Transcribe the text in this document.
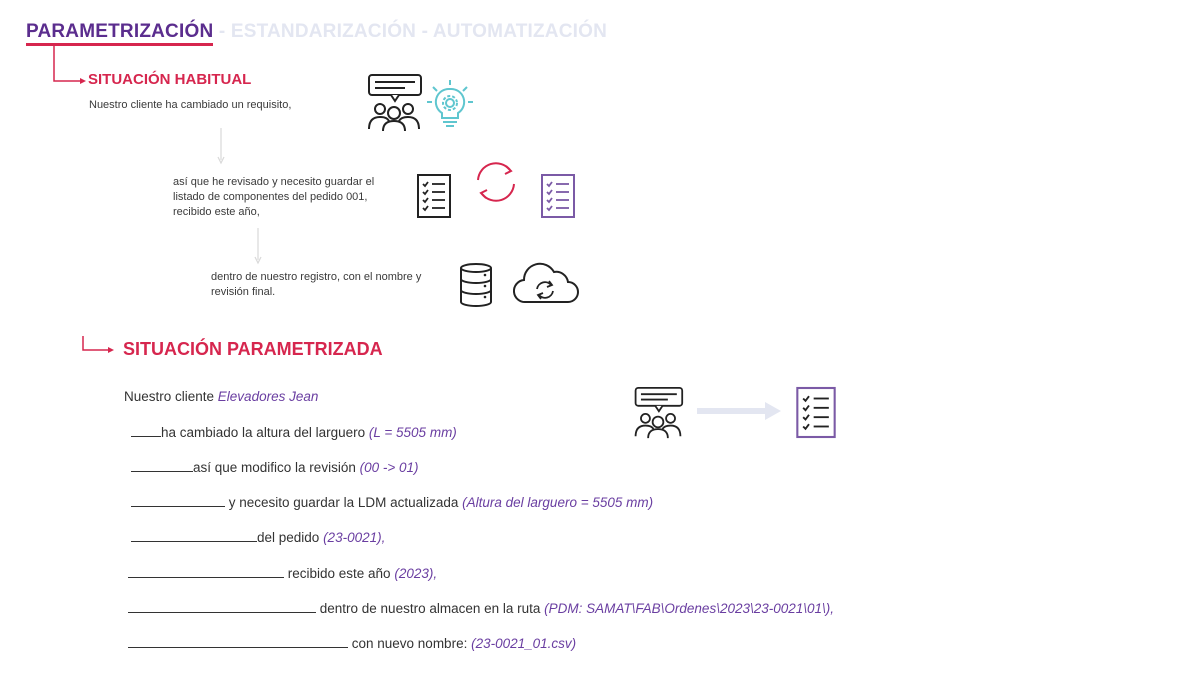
PARAMETRIZACIÓN - ESTANDARIZACIÓN - AUTOMATIZACIÓN
SITUACIÓN HABITUAL
Nuestro cliente ha cambiado un requisito,
así que he revisado y necesito guardar el listado de componentes del pedido 001, recibido este año,
dentro de nuestro registro, con el nombre y revisión final.
SITUACIÓN PARAMETRIZADA
Nuestro cliente Elevadores Jean
ha cambiado la altura del larguero (L = 5505 mm)
así que modifico la revisión (00 -> 01)
y necesito guardar la LDM actualizada (Altura del larguero = 5505 mm)
del pedido (23-0021),
recibido este año (2023),
dentro de nuestro almacen en la ruta (PDM: SAMAT\FAB\Ordenes\2023\23-0021\01\),
con nuevo nombre: (23-0021_01.csv)
